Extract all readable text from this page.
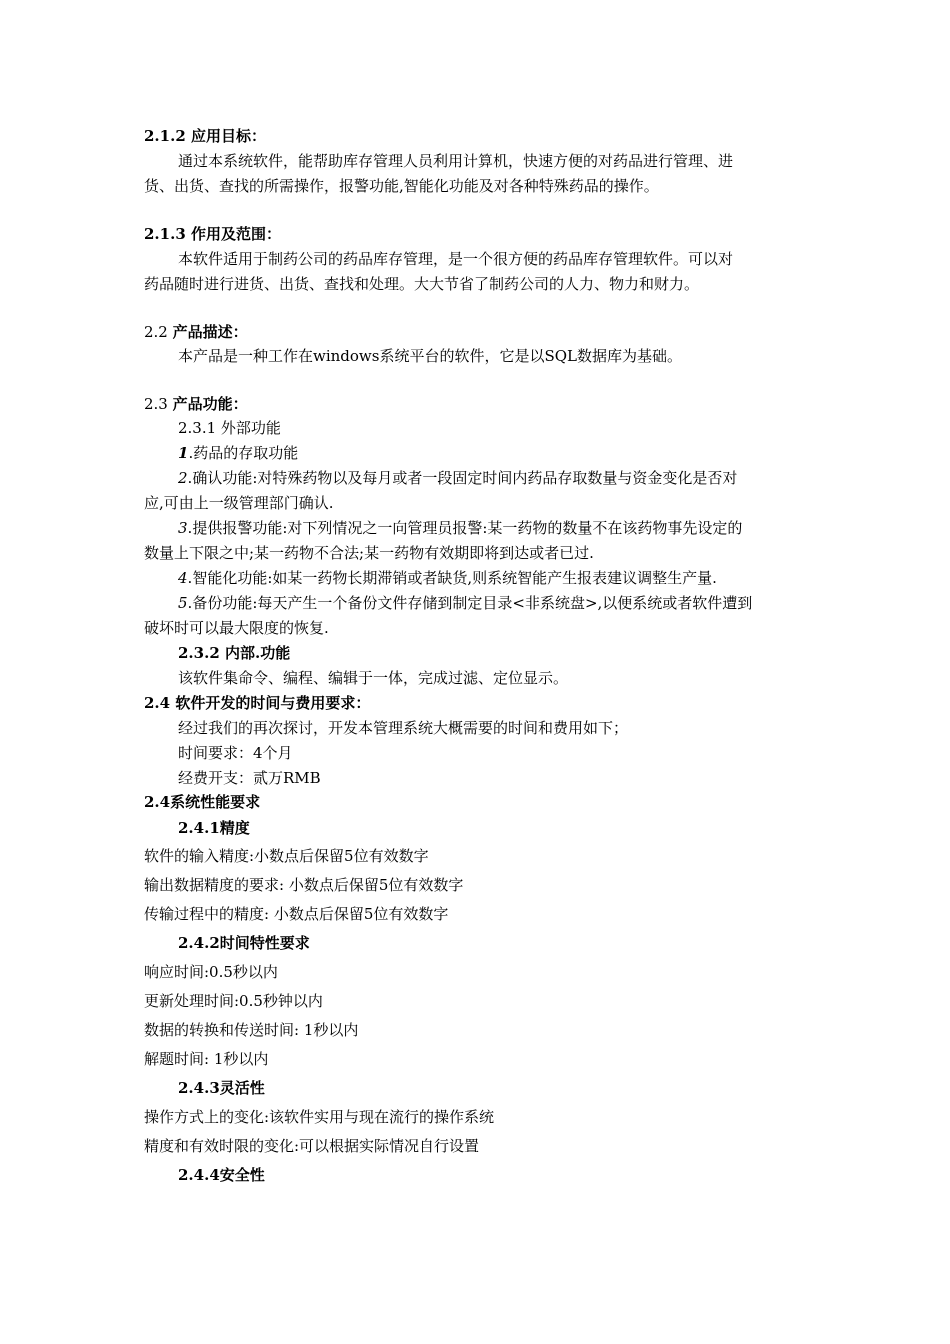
2.1.2 应用目标：
通过本系统软件，能帮助库存管理人员利用计算机，快速方便的对药品进行管理、进
货、出货、查找的所需操作，报警功能,智能化功能及对各种特殊药品的操作。
2.1.3 作用及范围：
本软件适用于制药公司的药品库存管理，是一个很方便的药品库存管理软件。可以对
药品随时进行进货、出货、查找和处理。大大节省了制药公司的人力、物力和财力。
2.2 产品描述：
本产品是一种工作在windows系统平台的软件，它是以SQL数据库为基础。
2.3 产品功能：
2.3.1 外部功能
1.药品的存取功能
2.确认功能:对特殊药物以及每月或者一段固定时间内药品存取数量与资金变化是否对
应,可由上一级管理部门确认.
3.提供报警功能:对下列情况之一向管理员报警:某一药物的数量不在该药物事先设定的
数量上下限之中;某一药物不合法;某一药物有效期即将到达或者已过.
4.智能化功能:如某一药物长期滞销或者缺货,则系统智能产生报表建议调整生产量.
5.备份功能:每天产生一个备份文件存储到制定目录<非系统盘>,以便系统或者软件遭到
破坏时可以最大限度的恢复.
2.3.2 内部.功能
该软件集命令、编程、编辑于一体，完成过滤、定位显示。
2.4 软件开发的时间与费用要求：
经过我们的再次探讨，开发本管理系统大概需要的时间和费用如下；
时间要求：4个月
经费开支：贰万RMB
2.4系统性能要求
2.4.1精度
软件的输入精度:小数点后保留5位有效数字
输出数据精度的要求: 小数点后保留5位有效数字
传输过程中的精度: 小数点后保留5位有效数字
2.4.2时间特性要求
响应时间:0.5秒以内
更新处理时间:0.5秒钟以内
数据的转换和传送时间: 1秒以内
解题时间: 1秒以内
2.4.3灵活性
操作方式上的变化:该软件实用与现在流行的操作系统
精度和有效时限的变化:可以根据实际情况自行设置
2.4.4安全性
